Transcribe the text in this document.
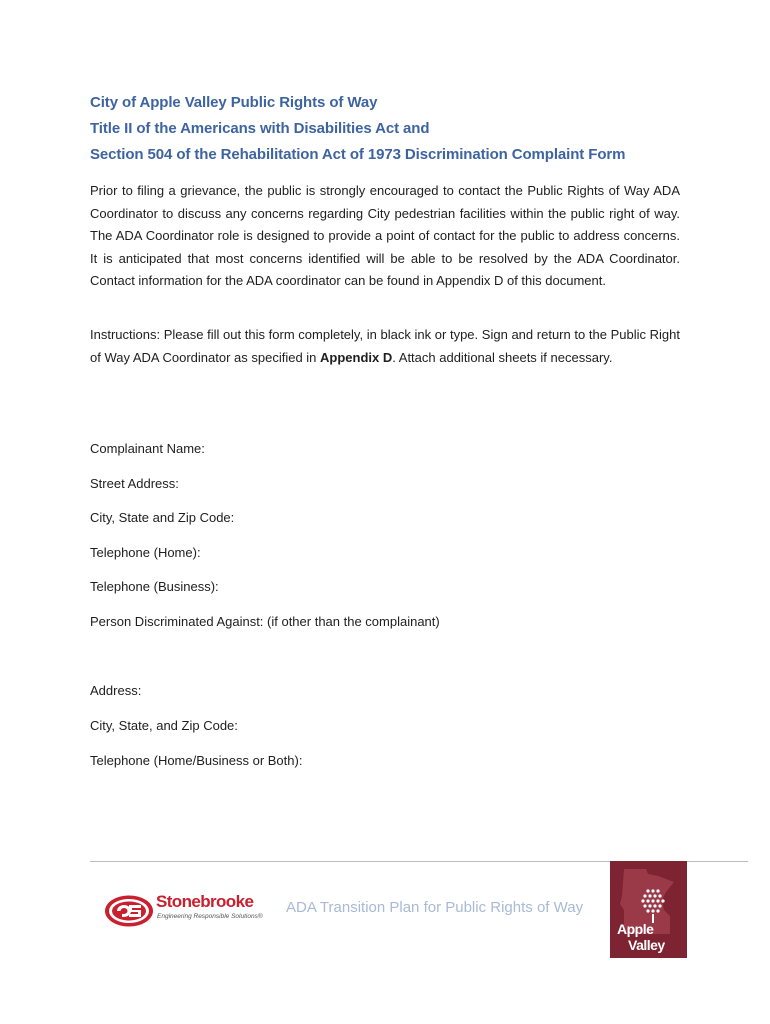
City of Apple Valley Public Rights of Way
Title II of the Americans with Disabilities Act and
Section 504 of the Rehabilitation Act of 1973 Discrimination Complaint Form

Prior to filing a grievance, the public is strongly encouraged to contact the Public Rights of Way ADA Coordinator to discuss any concerns regarding City pedestrian facilities within the public right of way. The ADA Coordinator role is designed to provide a point of contact for the public to address concerns. It is anticipated that most concerns identified will be able to be resolved by the ADA Coordinator. Contact information for the ADA coordinator can be found in Appendix D of this document.

Instructions: Please fill out this form completely, in black ink or type. Sign and return to the Public Right of Way ADA Coordinator as specified in Appendix D. Attach additional sheets if necessary.

Complainant Name:
Street Address:
City, State and Zip Code:
Telephone (Home):
Telephone (Business):
Person Discriminated Against: (if other than the complainant)
Address:
City, State, and Zip Code:
Telephone (Home/Business or Both):
Stonebrooke
Engineering Responsible Solutions®
ADA Transition Plan for Public Rights of Way
Apple
Valley
